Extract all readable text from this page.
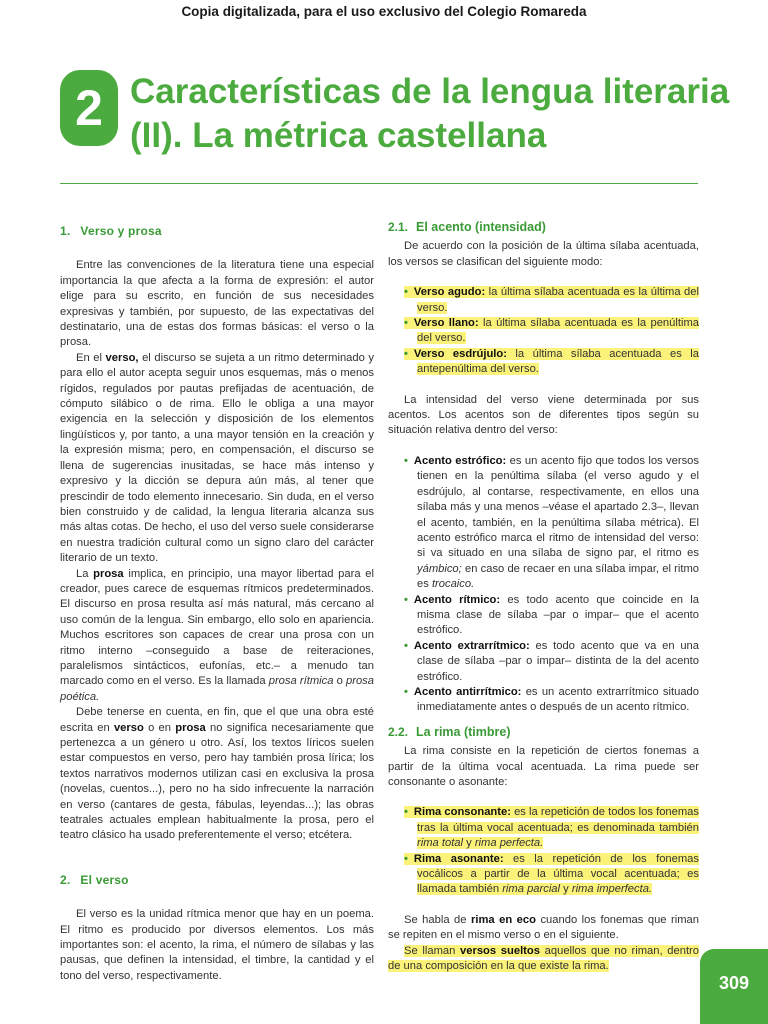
Copia digitalizada, para el uso exclusivo del Colegio Romareda
2 Características de la lengua literaria (II). La métrica castellana
1. Verso y prosa

Entre las convenciones de la literatura tiene una especial importancia la que afecta a la forma de expresión: el autor elige para su escrito, en función de sus necesidades expresivas y también, por supuesto, de las expectativas del destinatario, una de estas dos formas básicas: el verso o la prosa.

En el verso, el discurso se sujeta a un ritmo determinado y para ello el autor acepta seguir unos esquemas, más o menos rígidos, regulados por pautas prefijadas de acentuación, de cómputo silábico o de rima. Ello le obliga a una mayor exigencia en la selección y disposición de los elementos lingüísticos y, por tanto, a una mayor tensión en la creación y la expresión misma; pero, en compensación, el discurso se llena de sugerencias inusitadas, se hace más intenso y expresivo y la dicción se depura aún más, al tener que prescindir de todo elemento innecesario. Sin duda, en el verso bien construido y de calidad, la lengua literaria alcanza sus más altas cotas. De hecho, el uso del verso suele considerarse en nuestra tradición cultural como un signo claro del carácter literario de un texto.

La prosa implica, en principio, una mayor libertad para el creador, pues carece de esquemas rítmicos predeterminados. El discurso en prosa resulta así más natural, más cercano al uso común de la lengua. Sin embargo, ello solo en apariencia. Muchos escritores son capaces de crear una prosa con un ritmo interno –conseguido a base de reiteraciones, paralelismos sintácticos, eufonías, etc.– a menudo tan marcado como en el verso. Es la llamada prosa rítmica o prosa poética.

Debe tenerse en cuenta, en fin, que el que una obra esté escrita en verso o en prosa no significa necesariamente que pertenezca a un género u otro. Así, los textos líricos suelen estar compuestos en verso, pero hay también prosa lírica; los textos narrativos modernos utilizan casi en exclusiva la prosa (novelas, cuentos...), pero no ha sido infrecuente la narración en verso (cantares de gesta, fábulas, leyendas...); las obras teatrales actuales emplean habitualmente la prosa, pero el teatro clásico ha usado preferentemente el verso; etcétera.

2. El verso

El verso es la unidad rítmica menor que hay en un poema. El ritmo es producido por diversos elementos. Los más importantes son: el acento, la rima, el número de sílabas y las pausas, que definen la intensidad, el timbre, la cantidad y el tono del verso, respectivamente.

2.1. El acento (intensidad)

De acuerdo con la posición de la última sílaba acentuada, los versos se clasifican del siguiente modo:

• Verso agudo: la última sílaba acentuada es la última del verso.
• Verso llano: la última sílaba acentuada es la penúltima del verso.
• Verso esdrújulo: la última sílaba acentuada es la antepenúltima del verso.

La intensidad del verso viene determinada por sus acentos. Los acentos son de diferentes tipos según su situación relativa dentro del verso:

• Acento estrófico: es un acento fijo que todos los versos tienen en la penúltima sílaba (el verso agudo y el esdrújulo, al contarse, respectivamente, en ellos una sílaba más y una menos –véase el apartado 2.3–, llevan el acento, también, en la penúltima sílaba métrica). El acento estrófico marca el ritmo de intensidad del verso: si va situado en una sílaba de signo par, el ritmo es yámbico; en caso de recaer en una sílaba impar, el ritmo es trocaico.
• Acento rítmico: es todo acento que coincide en la misma clase de sílaba –par o impar– que el acento estrófico.
• Acento extrarrítmico: es todo acento que va en una clase de sílaba –par o impar– distinta de la del acento estrófico.
• Acento antirrítmico: es un acento extrarrítmico situado inmediatamente antes o después de un acento rítmico.
2.2. La rima (timbre)

La rima consiste en la repetición de ciertos fonemas a partir de la última vocal acentuada. La rima puede ser consonante o asonante:

• Rima consonante: es la repetición de todos los fonemas tras la última vocal acentuada; es denominada también rima total y rima perfecta.
• Rima asonante: es la repetición de los fonemas vocálicos a partir de la última vocal acentuada; es llamada también rima parcial y rima imperfecta.

Se habla de rima en eco cuando los fonemas que riman se repiten en el mismo verso o en el siguiente.

Se llaman versos sueltos aquellos que no riman, dentro de una composición en la que existe la rima.

309
